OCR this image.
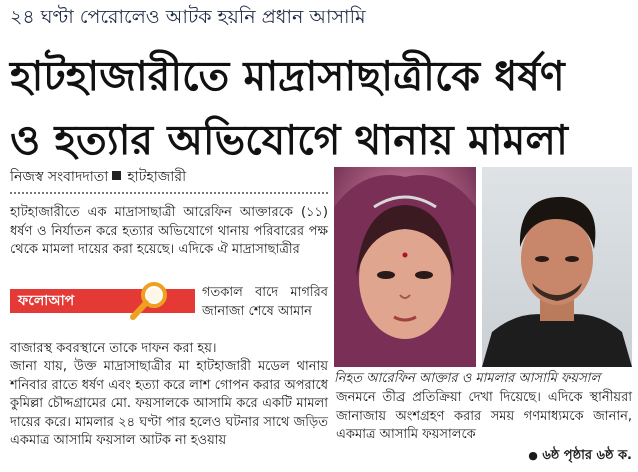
২৪ ঘণ্টা পেরোলেও আটক হয়নি প্রধান আসামি
হাটহাজারীতে মাদ্রাসাছাত্রীকে ধর্ষণ
ও হত্যার অভিযোগে থানায় মামলা
নিজস্ব সংবাদদাতা হাটহাজারী

হাটহাজারীতে এক মাদ্রাসাছাত্রী আরেফিন আক্তারকে (১১) ধর্ষণ ও নির্যাতন করে হত্যার অভিযোগে থানায় পরিবারের পক্ষ থেকে মামলা দায়ের করা হয়েছে। এদিকে ঐ মাদ্রাসাছাত্রীর

ফলোআপ

গতকাল বাদে মাগরিব জানাজা শেষে আমান

বাজারস্থ কবরস্থানে তাকে দাফন করা হয়।

জানা যায়, উক্ত মাদ্রাসাছাত্রীর মা হাটহাজারী মডেল থানায় শনিবার রাতে ধর্ষণ এবং হত্যা করে লাশ গোপন করার অপরাধে কুমিল্লা চৌদ্দগ্রামের মো. ফয়সালকে আসামি করে একটি মামলা দায়ের করে। মামলার ২৪ ঘণ্টা পার হলেও ঘটনার সাথে জড়িত একমাত্র আসামি ফয়সাল আটক না হওয়ায়

নিহত আরেফিন আক্তার ও মামলার আসামি ফয়সাল

জনমনে তীব্র প্রতিক্রিয়া দেখা দিয়েছে। এদিকে স্থানীয়রা জানাজায় অংশগ্রহণ করার সময় গণমাধ্যমকে জানান, একমাত্র আসামি ফয়সালকে

● ৬ষ্ঠ পৃষ্ঠার ৬ষ্ঠ ক.
